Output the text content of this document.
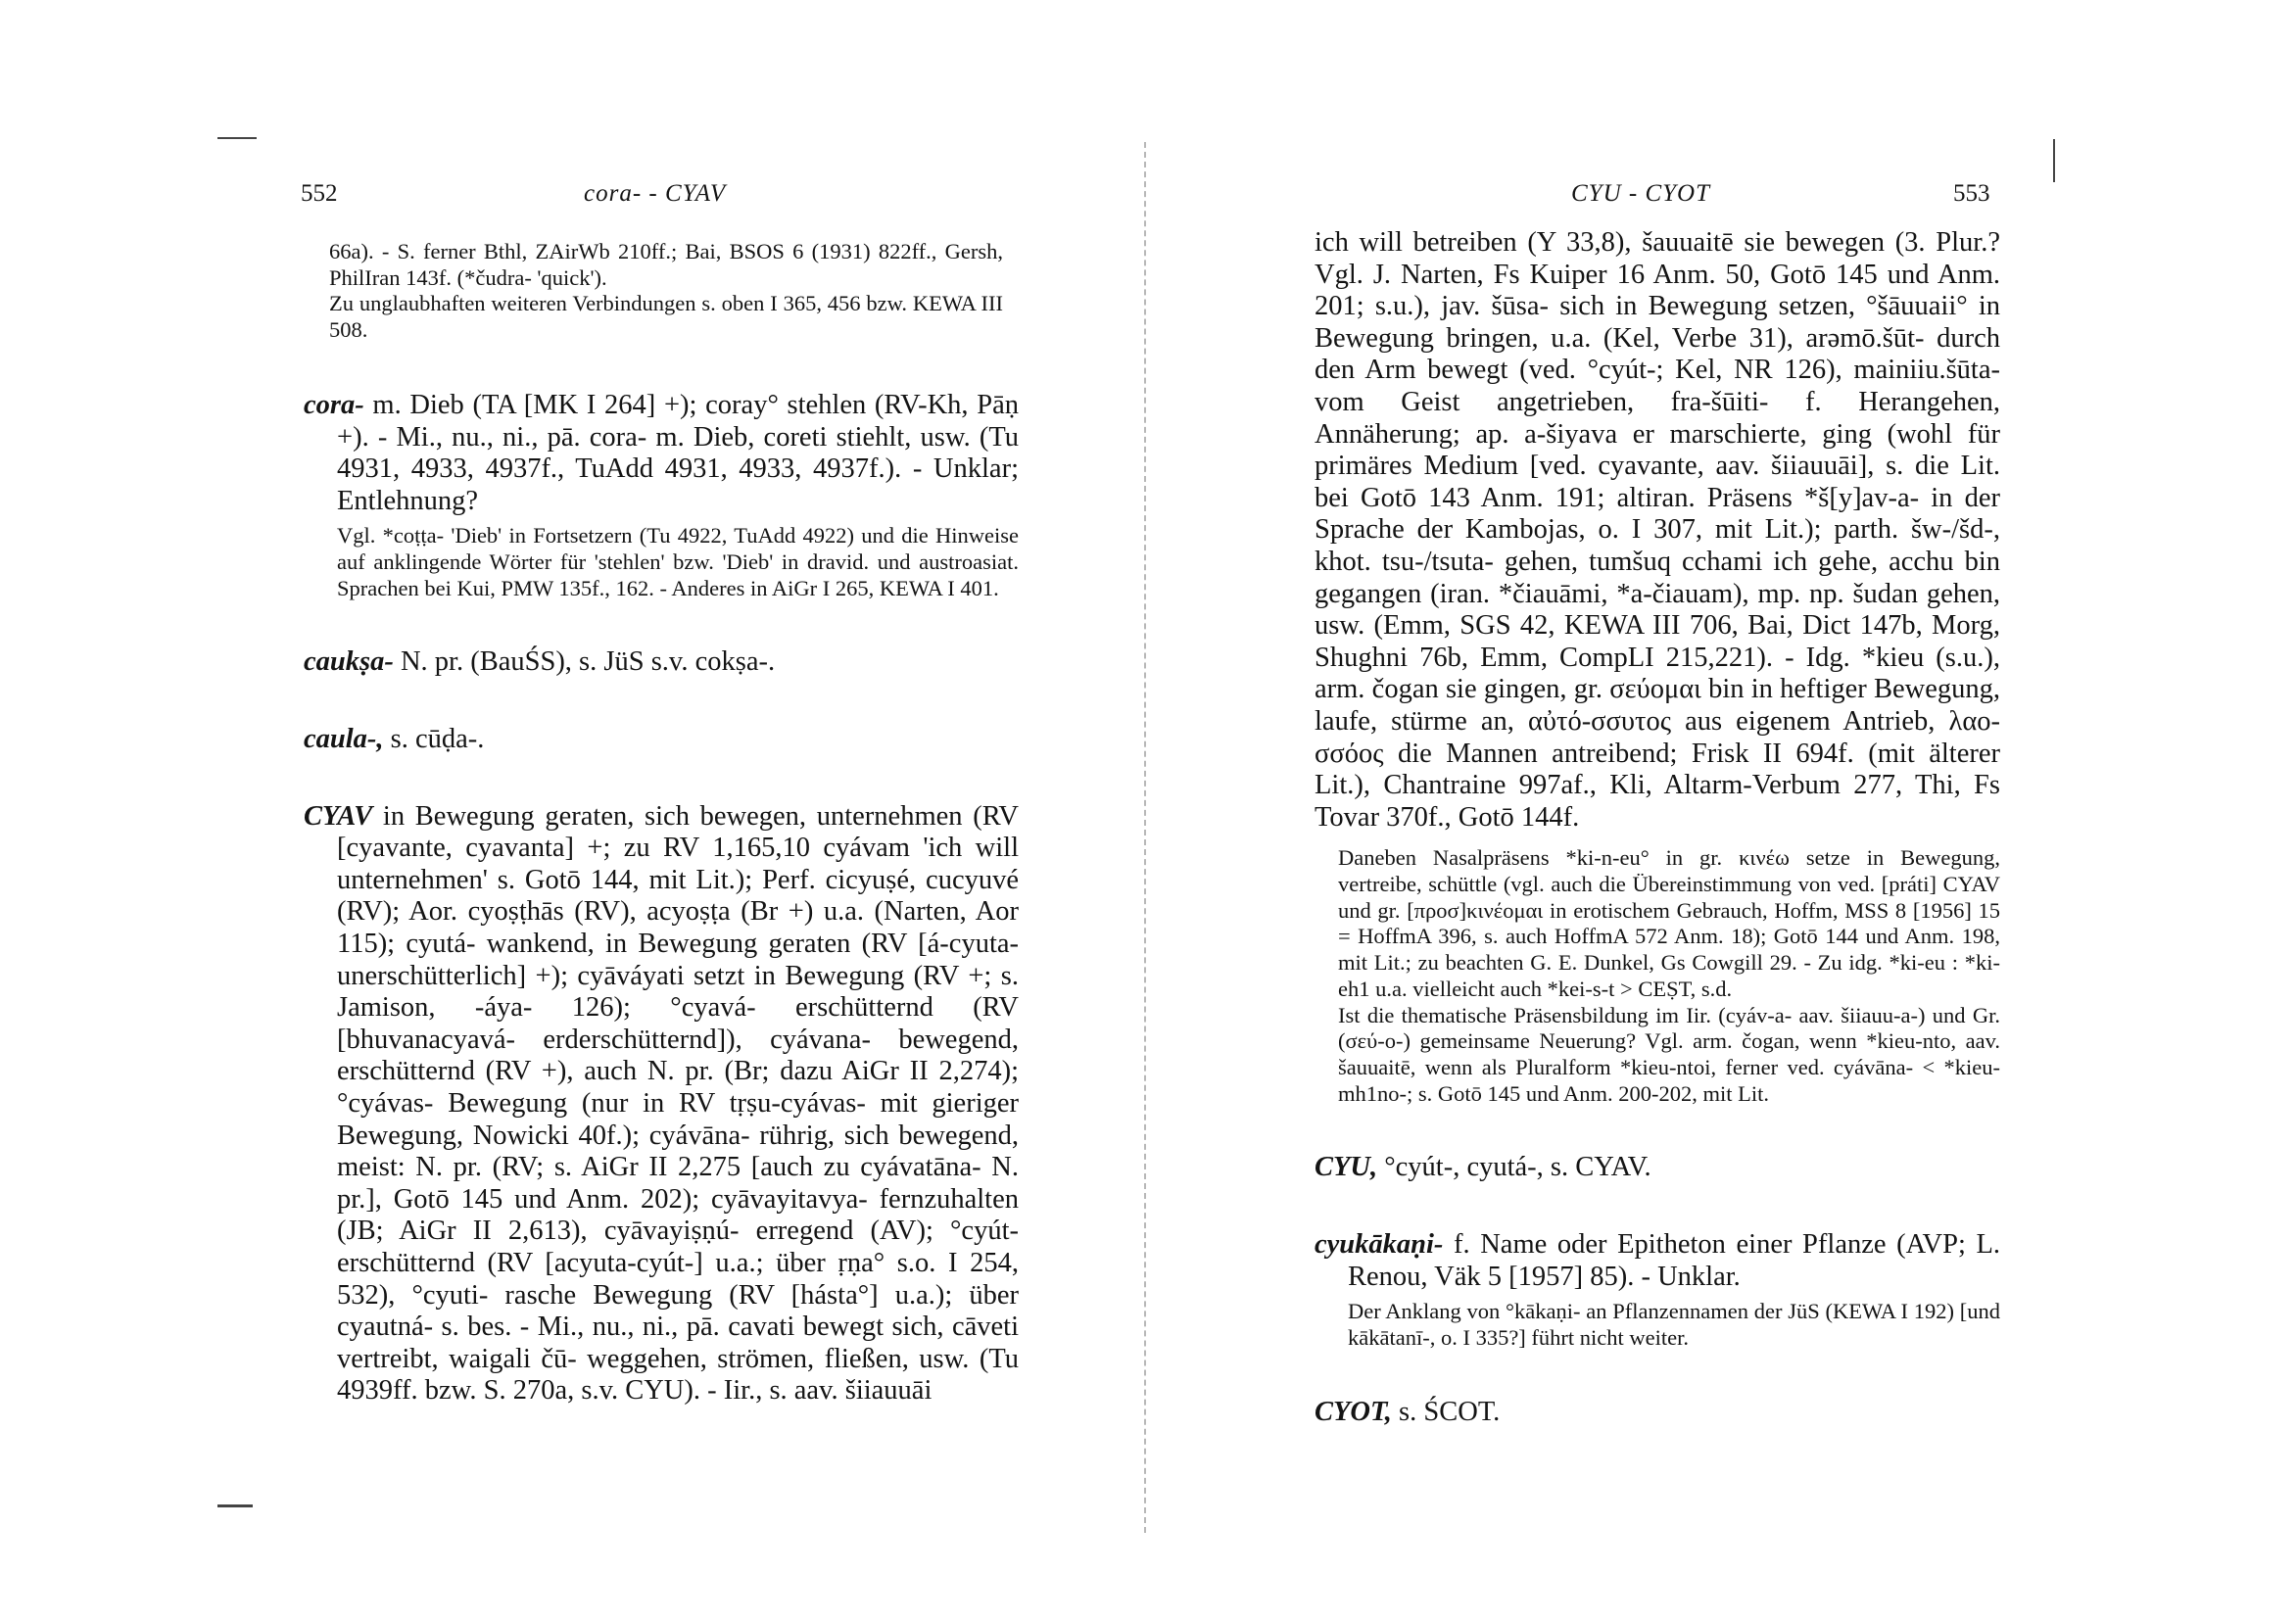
552	cora- - CYAV

66a). - S. ferner Bthl, ZAirWb 210ff.; Bai, BSOS 6 (1931) 822ff., Gersh, PhilIran 143f. (*čudra- 'quick').

Zu unglaubhaften weiteren Verbindungen s. oben I 365, 456 bzw. KEWA III 508.

cora- m. Dieb (TA [MK I 264] +); coray° stehlen (RV-Kh, Pāṇ +). - Mi., nu., ni., pā. cora- m. Dieb, coreti stiehlt, usw. (Tu 4931, 4933, 4937f., TuAdd 4931, 4933, 4937f.). - Unklar; Entlehnung?

Vgl. *coṭṭa- 'Dieb' in Fortsetzern (Tu 4922, TuAdd 4922) und die Hinweise auf anklingende Wörter für 'stehlen' bzw. 'Dieb' in dravid. und austroasiat. Sprachen bei Kui, PMW 135f., 162. - Anderes in AiGr I 265, KEWA I 401.

caukṣa- N. pr. (BauŚS), s. JüS s.v. cokṣa-.

caula-, s. cūḍa-.

CYAV in Bewegung geraten, sich bewegen, unternehmen (RV [cyavante, cyavanta] +; zu RV 1,165,10 cyávam 'ich will unternehmen' s. Gotō 144, mit Lit.); Perf. cicyuṣé, cucyuvé (RV); Aor. cyoṣṭhās (RV), acyoṣṭa (Br +) u.a. (Narten, Aor 115); cyutá- wankend, in Bewegung geraten (RV [á-cyuta- unerschütterlich] +); cyāváyati setzt in Bewegung (RV +; s. Jamison, -áya- 126); °cyavá- erschütternd (RV [bhuvanacyavá- erderschütternd]), cyávana- bewegend, erschütternd (RV +), auch N. pr. (Br; dazu AiGr II 2,274); °cyávas- Bewegung (nur in RV tṛṣu-cyávas- mit gieriger Bewegung, Nowicki 40f.); cyávāna- rührig, sich bewegend, meist: N. pr. (RV; s. AiGr II 2,275 [auch zu cyávatāna- N. pr.], Gotō 145 und Anm. 202); cyāvayitavya- fernzuhalten (JB; AiGr II 2,613), cyāvayiṣṇú- erregend (AV); °cyút- erschütternd (RV [acyuta-cyút-] u.a.; über ṛṇa° s.o. I 254, 532), °cyuti- rasche Bewegung (RV [hásta°] u.a.); über cyautná- s. bes. - Mi., nu., ni., pā. cavati bewegt sich, cāveti vertreibt, waigali čū- weggehen, strömen, fließen, usw. (Tu 4939ff. bzw. S. 270a, s.v. CYU). - Iir., s. aav. šiiauuāi

CYU - CYOT	553

ich will betreiben (Y 33,8), šauuaitē sie bewegen (3. Plur.? Vgl. J. Narten, Fs Kuiper 16 Anm. 50, Gotō 145 und Anm. 201; s.u.), jav. šūsa- sich in Bewegung setzen, °šāuuaii° in Bewegung bringen, u.a. (Kel, Verbe 31), arəmō.šūt- durch den Arm bewegt (ved. °cyút-; Kel, NR 126), mainiiu.šūta- vom Geist angetrieben, fra-šūiti- f. Herangehen, Annäherung; ap. a-šiyava er marschierte, ging (wohl für primäres Medium [ved. cyavante, aav. šiiauuāi], s. die Lit. bei Gotō 143 Anm. 191; altiran. Präsens *š[y]av-a- in der Sprache der Kambojas, o. I 307, mit Lit.); parth. šw-/šd-, khot. tsu-/tsuta- gehen, tumšuq cchami ich gehe, acchu bin gegangen (iran. *čiauāmi, *a-čiauam), mp. np. šudan gehen, usw. (Emm, SGS 42, KEWA III 706, Bai, Dict 147b, Morg, Shughni 76b, Emm, CompLI 215,221). - Idg. *kieu (s.u.), arm. čogan sie gingen, gr. σεύομαι bin in heftiger Bewegung, laufe, stürme an, αὐτό-σσυτος aus eigenem Antrieb, λαο-σσόος die Mannen antreibend; Frisk II 694f. (mit älterer Lit.), Chantraine 997af., Kli, Altarm-Verbum 277, Thi, Fs Tovar 370f., Gotō 144f.

Daneben Nasalpräsens *ki-n-eu° in gr. κινέω setze in Bewegung, vertreibe, schüttle (vgl. auch die Übereinstimmung von ved. [práti] CYAV und gr. [προσ]κινέομαι in erotischem Gebrauch, Hoffm, MSS 8 [1956] 15 = HoffmA 396, s. auch HoffmA 572 Anm. 18); Gotō 144 und Anm. 198, mit Lit.; zu beachten G. E. Dunkel, Gs Cowgill 29. - Zu idg. *ki-eu : *ki-eh1 u.a. vielleicht auch *kei-s-t > CEṢT, s.d.

Ist die thematische Präsensbildung im Iir. (cyáv-a- aav. šiiauu-a-) und Gr. (σεύ-ο-) gemeinsame Neuerung? Vgl. arm. čogan, wenn *kieu-nto, aav. šauuaitē, wenn als Pluralform *kieu-ntoi, ferner ved. cyávāna- < *kieu-mh1no-; s. Gotō 145 und Anm. 200-202, mit Lit.

CYU, °cyút-, cyutá-, s. CYAV.

cyukākaṇi- f. Name oder Epitheton einer Pflanze (AVP; L. Renou, Väk 5 [1957] 85). - Unklar.

Der Anklang von °kākaṇi- an Pflanzennamen der JüS (KEWA I 192) [und kākātanī-, o. I 335?] führt nicht weiter.

CYOT, s. ŚCOT.
